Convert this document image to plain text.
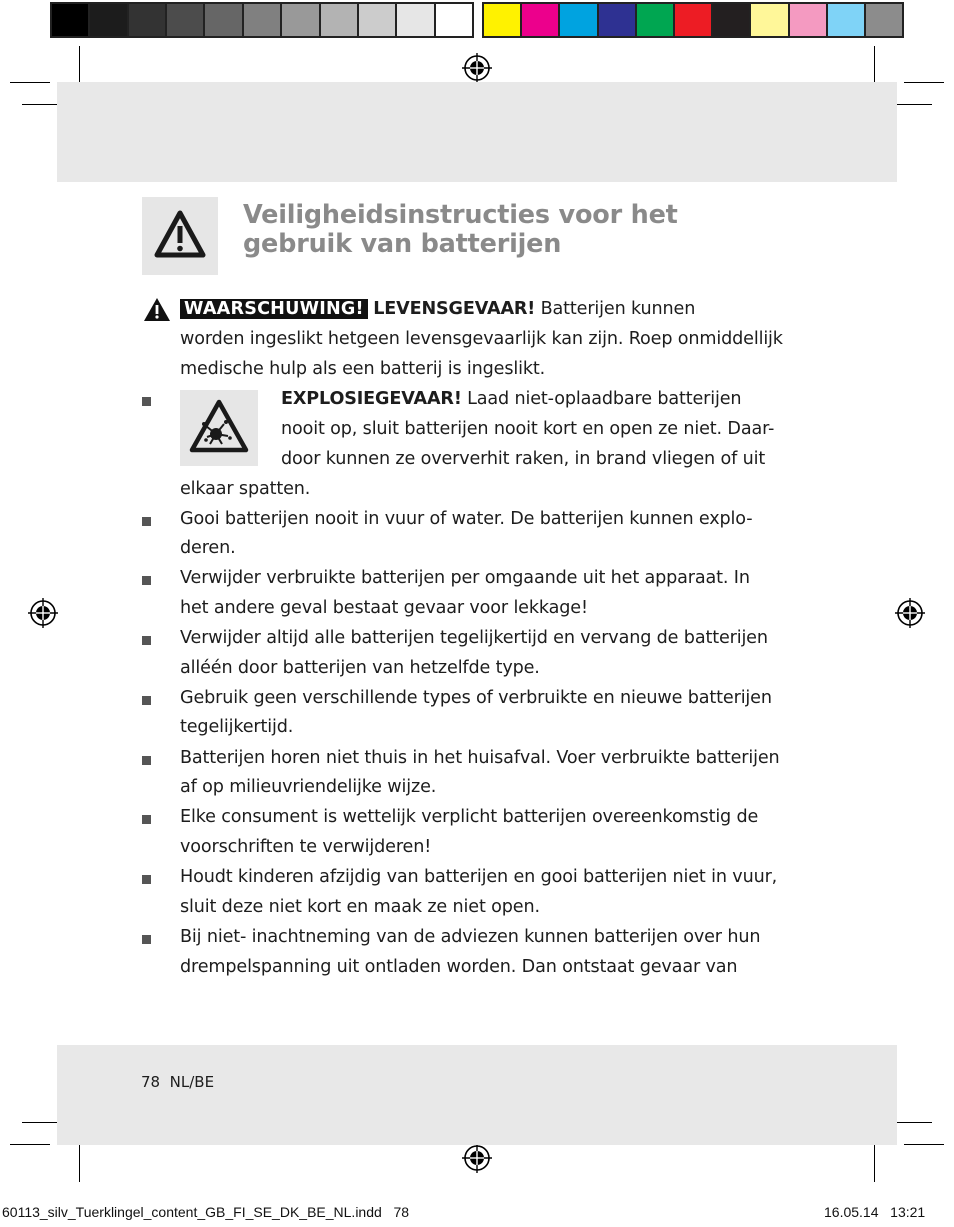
Veiligheidsinstructies voor het
gebruik van batterijen
WAARSCHUWING! LEVENSGEVAAR! Batterijen kunnen
worden ingeslikt hetgeen levensgevaarlijk kan zijn. Roep onmiddellijk
medische hulp als een batterij is ingeslikt.
EXPLOSIEGEVAAR! Laad niet-oplaadbare batterijen
nooit op, sluit batterijen nooit kort en open ze niet. Daar-
door kunnen ze oververhit raken, in brand vliegen of uit
elkaar spatten.
Gooi batterijen nooit in vuur of water. De batterijen kunnen explo-
deren.
Verwijder verbruikte batterijen per omgaande uit het apparaat. In
het andere geval bestaat gevaar voor lekkage!
Verwijder altijd alle batterijen tegelijkertijd en vervang de batterijen
alléén door batterijen van hetzelfde type.
Gebruik geen verschillende types of verbruikte en nieuwe batterijen
tegelijkertijd.
Batterijen horen niet thuis in het huisafval. Voer verbruikte batterijen
af op milieuvriendelijke wijze.
Elke consument is wettelijk verplicht batterijen overeenkomstig de
voorschriften te verwijderen!
Houdt kinderen afzijdig van batterijen en gooi batterijen niet in vuur,
sluit deze niet kort en maak ze niet open.
Bij niet- inachtneming van de adviezen kunnen batterijen over hun
drempelspanning uit ontladen worden. Dan ontstaat gevaar van
78 NL/BE
60113_silv_Tuerklingel_content_GB_FI_SE_DK_BE_NL.indd 78	16.05.14 13:21
